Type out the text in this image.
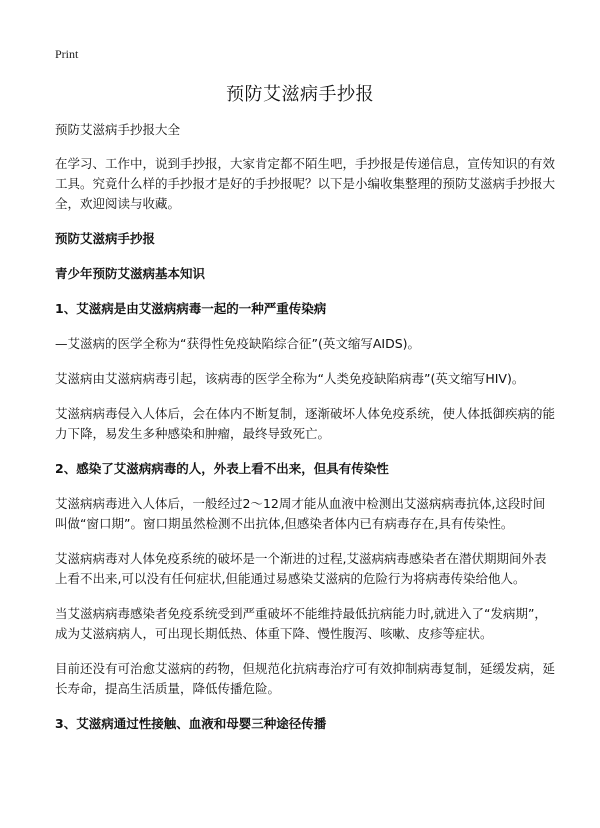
Print
预防艾滋病手抄报

预防艾滋病手抄报大全

在学习、工作中，说到手抄报，大家肯定都不陌生吧，手抄报是传递信息，宣传知识的有效工具。究竟什么样的手抄报才是好的手抄报呢？以下是小编收集整理的预防艾滋病手抄报大全，欢迎阅读与收藏。

预防艾滋病手抄报
青少年预防艾滋病基本知识
1、艾滋病是由艾滋病病毒一起的一种严重传染病

—艾滋病的医学全称为“获得性免疫缺陷综合征”(英文缩写AIDS)。

艾滋病由艾滋病病毒引起，该病毒的医学全称为“人类免疫缺陷病毒”(英文缩写HIV)。

艾滋病病毒侵入人体后，会在体内不断复制，逐渐破坏人体免疫系统，使人体抵御疾病的能力下降，易发生多种感染和肿瘤，最终导致死亡。

2、感染了艾滋病病毒的人，外表上看不出来，但具有传染性

艾滋病病毒进入人体后，一般经过2～12周才能从血液中检测出艾滋病病毒抗体,这段时间叫做“窗口期”。窗口期虽然检测不出抗体,但感染者体内已有病毒存在,具有传染性。

艾滋病病毒对人体免疫系统的破坏是一个渐进的过程,艾滋病病毒感染者在潜伏期期间外表上看不出来,可以没有任何症状,但能通过易感染艾滋病的危险行为将病毒传染给他人。

当艾滋病病毒感染者免疫系统受到严重破坏不能维持最低抗病能力时,就进入了“发病期”，成为艾滋病病人，可出现长期低热、体重下降、慢性腹泻、咳嗽、皮疹等症状。

目前还没有可治愈艾滋病的药物，但规范化抗病毒治疗可有效抑制病毒复制，延缓发病，延长寿命，提高生活质量，降低传播危险。

3、艾滋病通过性接触、血液和母婴三种途径传播
